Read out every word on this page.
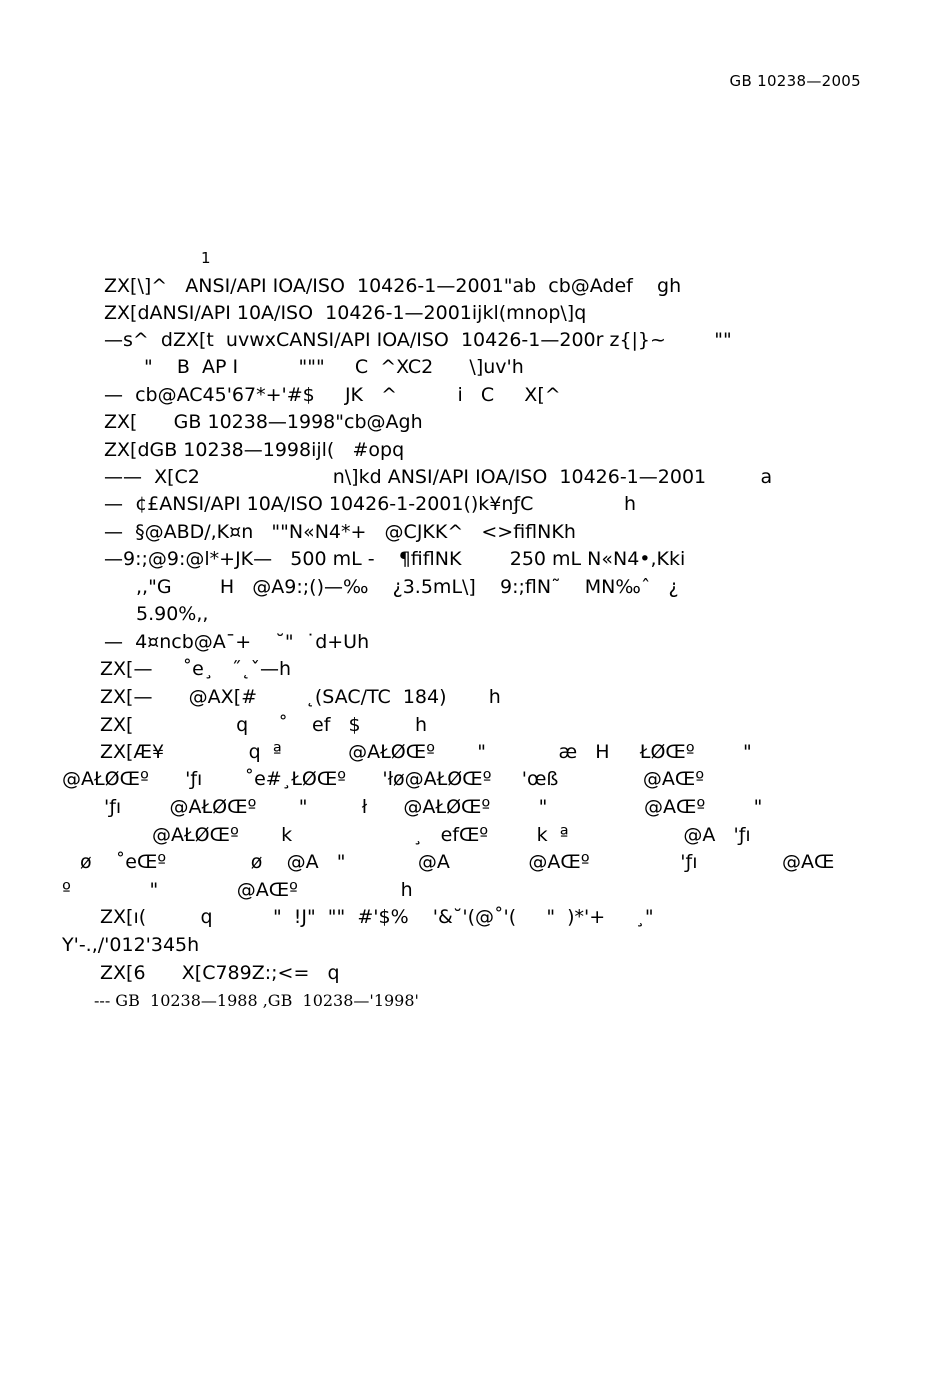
GB 10238—2005
1
ZX[\]^   ANSI/API IOA/ISO  10426-1—2001"ab  cb@Adef    gh
ZX[dANSI/API 10A/ISO  10426-1—2001ijkl(mnop\]q
—s^  dZX[t  uvwxCANSI/API IOA/ISO  10426-1—200r z{|}~        ""
"    B  AP I          """     C  ^XC2      \]uv'h
—  cb@AC45'67*+'#$     JK   ^          i   C     X[^
ZX[      GB 10238—1998"cb@Agh
ZX[dGB 10238—1998ijl(   #opq
——  X[C2                      n\]kd ANSI/API IOA/ISO  10426-1—2001         a
—  ¢£ANSI/API 10A/ISO 10426-1-2001()k¥nƒC               h
—  §@ABD/,K¤n   ""N«N4*+   @CJKK^   <>fiflNKh
—9:;@9:@l*+JK—   500 mL -    ¶fiflNK        250 mL N«N4•,Kki
,,"G        H   @A9:;()—‰    ¿3.5mL\]    9:;flN˜    MN‰ˆ   ¿
5.90%,,
—  4¤ncb@A¯+    ˘"  ˙d+Uh
ZX[—     ˚e¸   ˝˛ˇ—h
ZX[—      @AX[#        ˛(SAC/TC  184)       h
ZX[                 q     ˚    ef   $         h
ZX[Æ¥              q  ª           @AŁØŒº       "            æ   H     ŁØŒº        "
@AŁØŒº      'ƒı       ˚e#¸ŁØŒº      'łø@AŁØŒº     'œß              @AŒº
'ƒı        @AŁØŒº       "         ł      @AŁØŒº        "                @AŒº        "
@AŁØŒº       k                    ¸   efŒº        k  ª                   @A   'ƒı
ø    ˚eŒº              ø    @A   "            @A             @AŒº               'ƒı              @AŒ
º             "             @AŒº                 h
ZX[ı(         q          "  !J"  ""  #'$%    '&˘'(@˚'(     "  )*'+     ¸"
Y'-.,/'012'345h
ZX[6      X[C789Z:;<=   q
--- GB  10238—1988 ,GB  10238—'1998'
